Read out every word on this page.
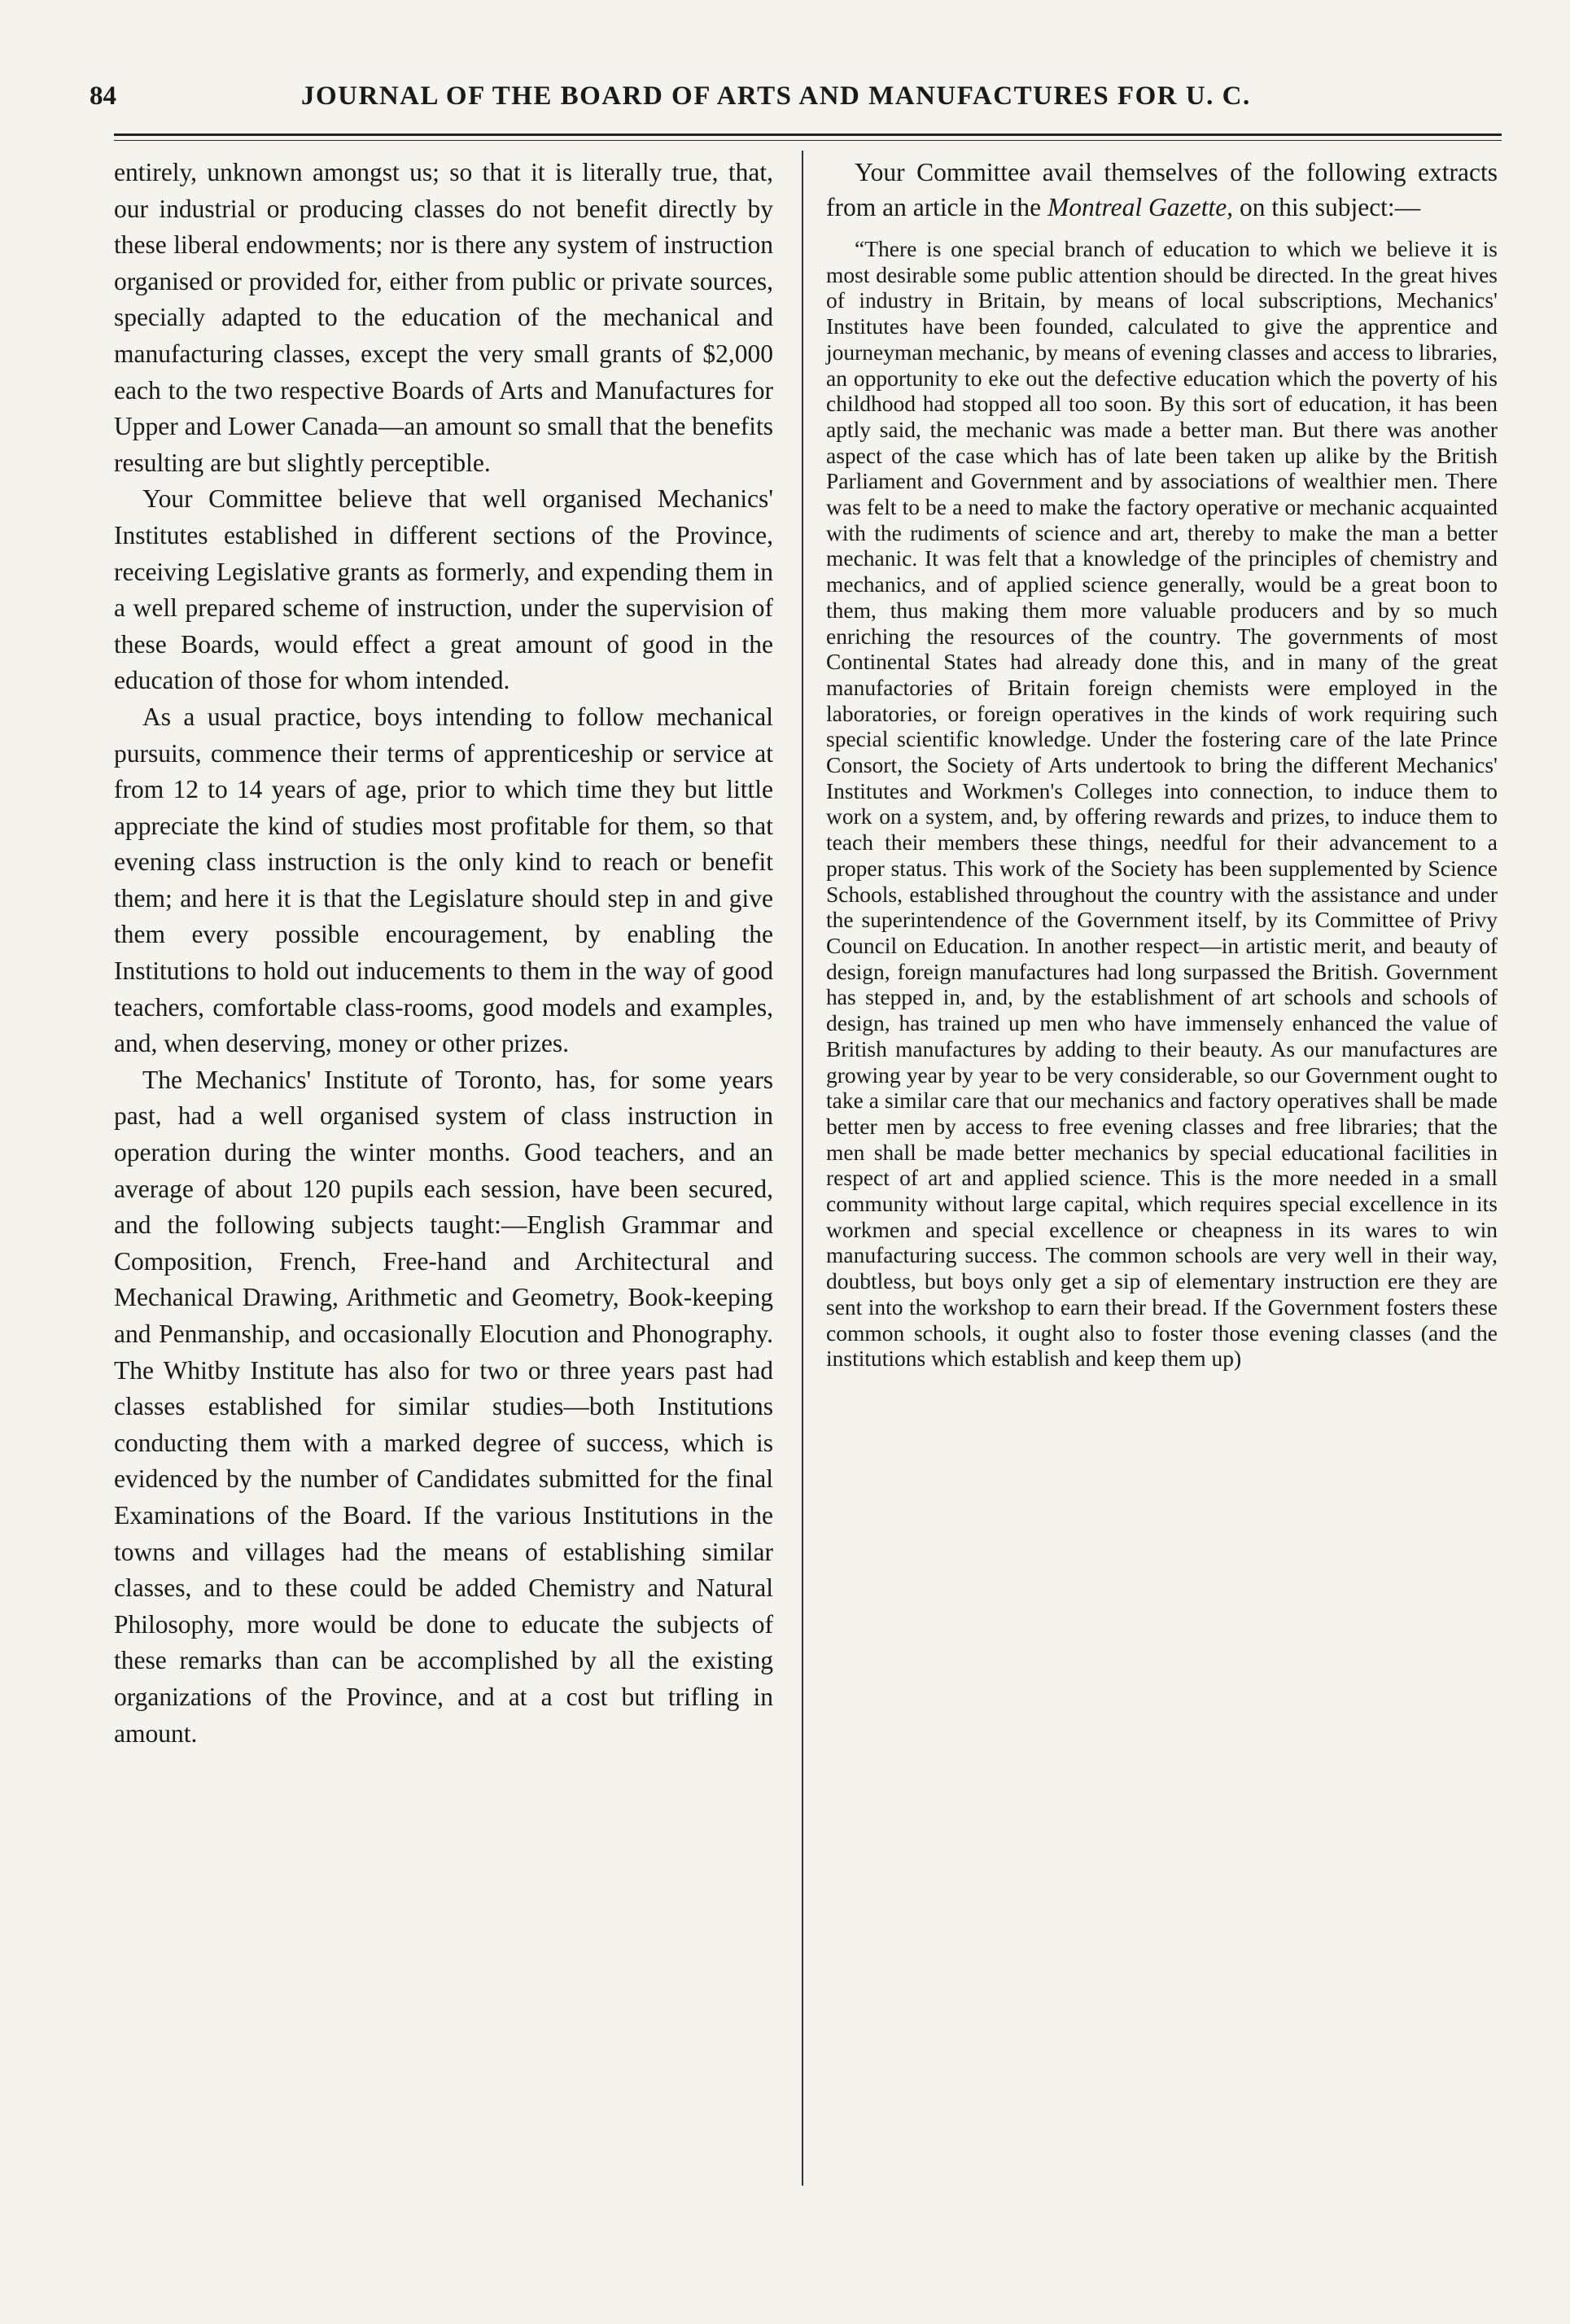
84	JOURNAL OF THE BOARD OF ARTS AND MANUFACTURES FOR U. C.

entirely, unknown amongst us; so that it is literally true, that, our industrial or producing classes do not benefit directly by these liberal endowments; nor is there any system of instruction organised or provided for, either from public or private sources, specially adapted to the education of the mechanical and manufacturing classes, except the very small grants of $2,000 each to the two respective Boards of Arts and Manufactures for Upper and Lower Canada—an amount so small that the benefits resulting are but slightly perceptible.

Your Committee believe that well organised Mechanics' Institutes established in different sections of the Province, receiving Legislative grants as formerly, and expending them in a well prepared scheme of instruction, under the supervision of these Boards, would effect a great amount of good in the education of those for whom intended.

As a usual practice, boys intending to follow mechanical pursuits, commence their terms of apprenticeship or service at from 12 to 14 years of age, prior to which time they but little appreciate the kind of studies most profitable for them, so that evening class instruction is the only kind to reach or benefit them; and here it is that the Legislature should step in and give them every possible encouragement, by enabling the Institutions to hold out inducements to them in the way of good teachers, comfortable class-rooms, good models and examples, and, when deserving, money or other prizes.

The Mechanics' Institute of Toronto, has, for some years past, had a well organised system of class instruction in operation during the winter months. Good teachers, and an average of about 120 pupils each session, have been secured, and the following subjects taught:—English Grammar and Composition, French, Free-hand and Architectural and Mechanical Drawing, Arithmetic and Geometry, Book-keeping and Penmanship, and occasionally Elocution and Phonography. The Whitby Institute has also for two or three years past had classes established for similar studies—both Institutions conducting them with a marked degree of success, which is evidenced by the number of Candidates submitted for the final Examinations of the Board. If the various Institutions in the towns and villages had the means of establishing similar classes, and to these could be added Chemistry and Natural Philosophy, more would be done to educate the subjects of these remarks than can be accomplished by all the existing organizations of the Province, and at a cost but trifling in amount.

Your Committee avail themselves of the following extracts from an article in the Montreal Gazette, on this subject:—

“There is one special branch of education to which we believe it is most desirable some public attention should be directed. In the great hives of industry in Britain, by means of local subscriptions, Mechanics' Institutes have been founded, calculated to give the apprentice and journeyman mechanic, by means of evening classes and access to libraries, an opportunity to eke out the defective education which the poverty of his childhood had stopped all too soon. By this sort of education, it has been aptly said, the mechanic was made a better man. But there was another aspect of the case which has of late been taken up alike by the British Parliament and Government and by associations of wealthier men. There was felt to be a need to make the factory operative or mechanic acquainted with the rudiments of science and art, thereby to make the man a better mechanic. It was felt that a knowledge of the principles of chemistry and mechanics, and of applied science generally, would be a great boon to them, thus making them more valuable producers and by so much enriching the resources of the country. The governments of most Continental States had already done this, and in many of the great manufactories of Britain foreign chemists were employed in the laboratories, or foreign operatives in the kinds of work requiring such special scientific knowledge. Under the fostering care of the late Prince Consort, the Society of Arts undertook to bring the different Mechanics' Institutes and Workmen's Colleges into connection, to induce them to work on a system, and, by offering rewards and prizes, to induce them to teach their members these things, needful for their advancement to a proper status. This work of the Society has been supplemented by Science Schools, established throughout the country with the assistance and under the superintendence of the Government itself, by its Committee of Privy Council on Education. In another respect—in artistic merit, and beauty of design, foreign manufactures had long surpassed the British. Government has stepped in, and, by the establishment of art schools and schools of design, has trained up men who have immensely enhanced the value of British manufactures by adding to their beauty. As our manufactures are growing year by year to be very considerable, so our Government ought to take a similar care that our mechanics and factory operatives shall be made better men by access to free evening classes and free libraries; that the men shall be made better mechanics by special educational facilities in respect of art and applied science. This is the more needed in a small community without large capital, which requires special excellence in its workmen and special excellence or cheapness in its wares to win manufacturing success. The common schools are very well in their way, doubtless, but boys only get a sip of elementary instruction ere they are sent into the workshop to earn their bread. If the Government fosters these common schools, it ought also to foster those evening classes (and the institutions which establish and keep them up)
